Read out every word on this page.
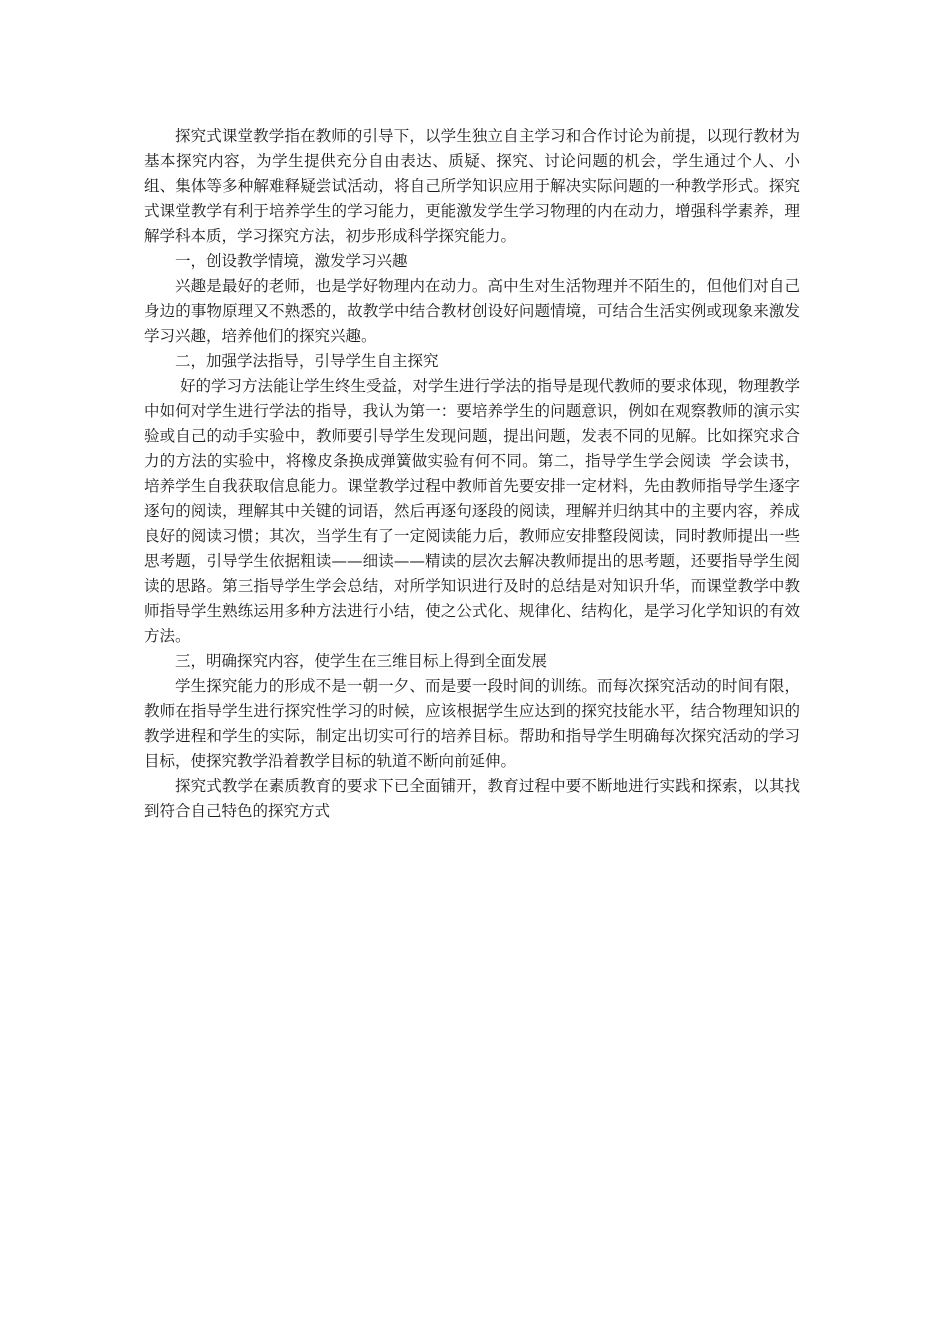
探究式课堂教学指在教师的引导下，以学生独立自主学习和合作讨论为前提，以现行教材为基本探究内容，为学生提供充分自由表达、质疑、探究、讨论问题的机会，学生通过个人、小组、集体等多种解难释疑尝试活动，将自己所学知识应用于解决实际问题的一种教学形式。探究式课堂教学有利于培养学生的学习能力，更能激发学生学习物理的内在动力，增强科学素养，理解学科本质，学习探究方法，初步形成科学探究能力。

一，创设教学情境，激发学习兴趣

兴趣是最好的老师，也是学好物理内在动力。高中生对生活物理并不陌生的，但他们对自己身边的事物原理又不熟悉的，故教学中结合教材创设好问题情境，可结合生活实例或现象来激发学习兴趣，培养他们的探究兴趣。

二，加强学法指导，引导学生自主探究

好的学习方法能让学生终生受益，对学生进行学法的指导是现代教师的要求体现，物理教学中如何对学生进行学法的指导，我认为第一：要培养学生的问题意识，例如在观察教师的演示实验或自己的动手实验中，教师要引导学生发现问题，提出问题，发表不同的见解。比如探究求合力的方法的实验中，将橡皮条换成弹簧做实验有何不同。第二，指导学生学会阅读  学会读书，培养学生自我获取信息能力。课堂教学过程中教师首先要安排一定材料，先由教师指导学生逐字逐句的阅读，理解其中关键的词语，然后再逐句逐段的阅读，理解并归纳其中的主要内容，养成良好的阅读习惯；其次，当学生有了一定阅读能力后，教师应安排整段阅读，同时教师提出一些思考题，引导学生依据粗读——细读——精读的层次去解决教师提出的思考题，还要指导学生阅读的思路。第三指导学生学会总结，对所学知识进行及时的总结是对知识升华，而课堂教学中教师指导学生熟练运用多种方法进行小结，使之公式化、规律化、结构化，是学习化学知识的有效方法。

三，明确探究内容，使学生在三维目标上得到全面发展

学生探究能力的形成不是一朝一夕、而是要一段时间的训练。而每次探究活动的时间有限，教师在指导学生进行探究性学习的时候，应该根据学生应达到的探究技能水平，结合物理知识的教学进程和学生的实际，制定出切实可行的培养目标。帮助和指导学生明确每次探究活动的学习目标，使探究教学沿着教学目标的轨道不断向前延伸。

探究式教学在素质教育的要求下已全面铺开，教育过程中要不断地进行实践和探索，以其找到符合自己特色的探究方式
